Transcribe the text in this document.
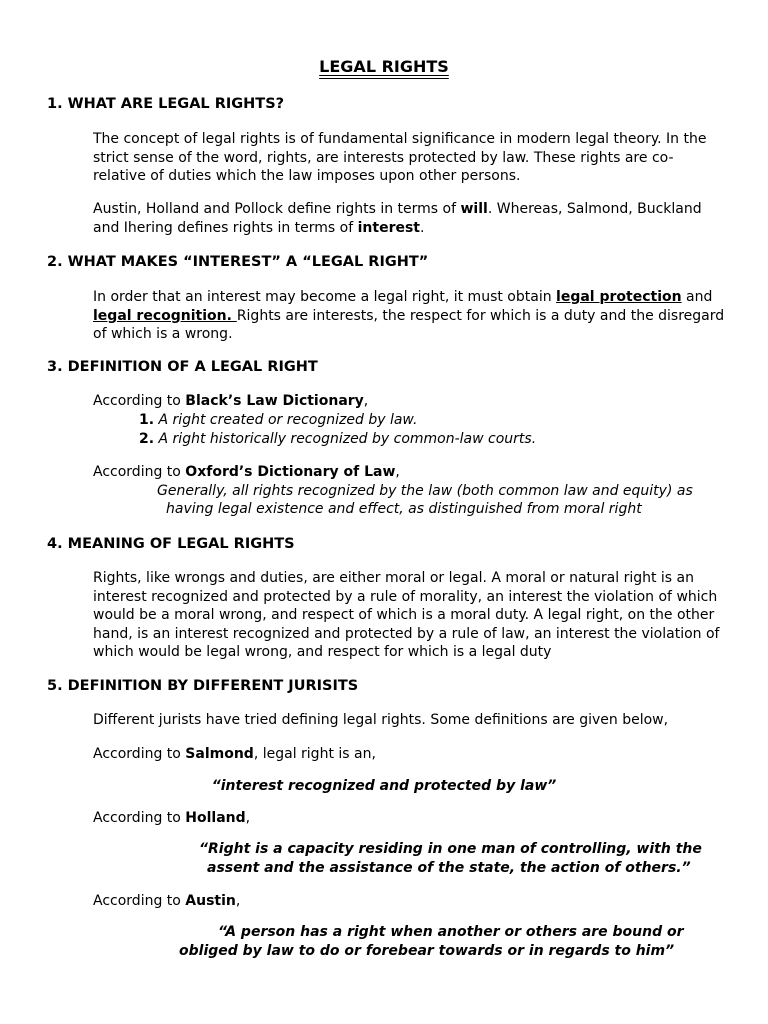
LEGAL RIGHTS
1. WHAT ARE LEGAL RIGHTS?
The concept of legal rights is of fundamental significance in modern legal theory. In the strict sense of the word, rights, are interests protected by law. These rights are co-relative of duties which the law imposes upon other persons.
Austin, Holland and Pollock define rights in terms of will. Whereas, Salmond, Buckland and Ihering defines rights in terms of interest.
2. WHAT MAKES “INTEREST” A “LEGAL RIGHT”
In order that an interest may become a legal right, it must obtain legal protection and legal recognition. Rights are interests, the respect for which is a duty and the disregard of which is a wrong.
3. DEFINITION OF A LEGAL RIGHT
According to Black’s Law Dictionary,
1. A right created or recognized by law.
2. A right historically recognized by common-law courts.
According to Oxford’s Dictionary of Law,
Generally, all rights recognized by the law (both common law and equity) as
having legal existence and effect, as distinguished from moral right
4. MEANING OF LEGAL RIGHTS
Rights, like wrongs and duties, are either moral or legal. A moral or natural right is an interest recognized and protected by a rule of morality, an interest the violation of which would be a moral wrong, and respect of which is a moral duty. A legal right, on the other hand, is an interest recognized and protected by a rule of law, an interest the violation of which would be legal wrong, and respect for which is a legal duty
5. DEFINITION BY DIFFERENT JURISITS
Different jurists have tried defining legal rights. Some definitions are given below,
According to Salmond, legal right is an,
“interest recognized and protected by law”
According to Holland,
“Right is a capacity residing in one man of controlling, with the
assent and the assistance of the state, the action of others.”
According to Austin,
“A person has a right when another or others are bound or
obliged by law to do or forebear towards or in regards to him”
